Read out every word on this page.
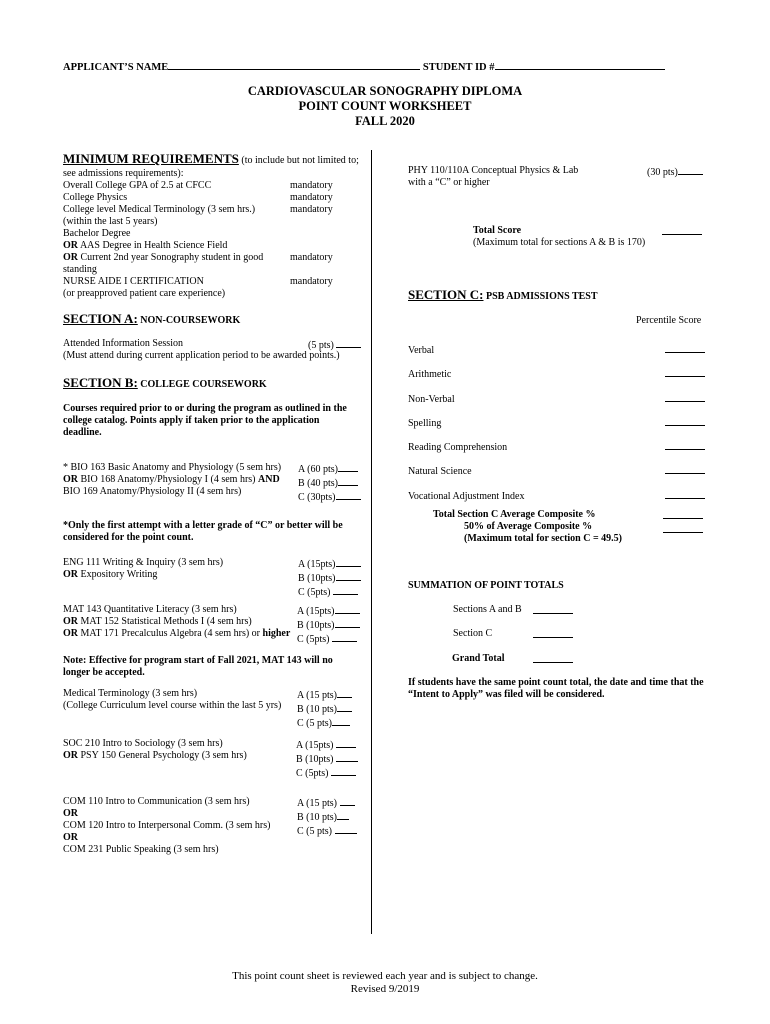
APPLICANT’S NAME	STUDENT ID #
CARDIOVASCULAR SONOGRAPHY DIPLOMA
POINT COUNT WORKSHEET
FALL 2020
MINIMUM REQUIREMENTS (to include but not limited to;
see admissions requirements):
Overall College GPA of 2.5 at CFCC
College Physics
College level Medical Terminology (3 sem hrs.)
(within the last 5 years)
Bachelor Degree
OR AAS Degree in Health Science Field
OR Current 2nd year Sonography student in good
standing
NURSE AIDE I CERTIFICATION
(or preapproved patient care experience)
mandatory
mandatory
mandatory
mandatory
mandatory
SECTION A: NON-COURSEWORK
Attended Information Session	(5 pts)
(Must attend during current application period to be awarded points.)
SECTION B: COLLEGE COURSEWORK
Courses required prior to or during the program as outlined in the
college catalog. Points apply if taken prior to the application
deadline.
* BIO 163 Basic Anatomy and Physiology (5 sem hrs)
OR BIO 168 Anatomy/Physiology I (4 sem hrs) AND
BIO 169 Anatomy/Physiology II (4 sem hrs)
A (60 pts)
B (40 pts)
C (30pts)
*Only the first attempt with a letter grade of “C” or better will be
considered for the point count.
ENG 111 Writing & Inquiry (3 sem hrs)
OR Expository Writing
A (15pts)
B (10pts)
C (5pts)
MAT 143 Quantitative Literacy (3 sem hrs)
OR MAT 152 Statistical Methods I (4 sem hrs)
OR MAT 171 Precalculus Algebra (4 sem hrs) or higher
A (15pts)
B (10pts)
C (5pts)
Note: Effective for program start of Fall 2021, MAT 143 will no
longer be accepted.
Medical Terminology (3 sem hrs)
(College Curriculum level course within the last 5 yrs)
A (15 pts)
B (10 pts)
C (5 pts)
SOC 210 Intro to Sociology (3 sem hrs)
OR PSY 150 General Psychology (3 sem hrs)
A (15pts)
B (10pts)
C (5pts)
COM 110 Intro to Communication (3 sem hrs)
OR
COM 120 Intro to Interpersonal Comm. (3 sem hrs)
OR
COM 231 Public Speaking (3 sem hrs)
A (15 pts)
B (10 pts)
C (5 pts)
PHY 110/110A Conceptual Physics & Lab
with a “C” or higher
(30 pts)
Total Score
(Maximum total for sections A & B is 170)
SECTION C: PSB ADMISSIONS TEST
Percentile Score
Verbal
Arithmetic
Non-Verbal
Spelling
Reading Comprehension
Natural Science
Vocational Adjustment Index
Total Section C Average Composite %
50% of Average Composite %
(Maximum total for section C = 49.5)
SUMMATION OF POINT TOTALS
Sections A and B
Section C
Grand Total
If students have the same point count total, the date and time that the
“Intent to Apply” was filed will be considered.
This point count sheet is reviewed each year and is subject to change.
Revised 9/2019
